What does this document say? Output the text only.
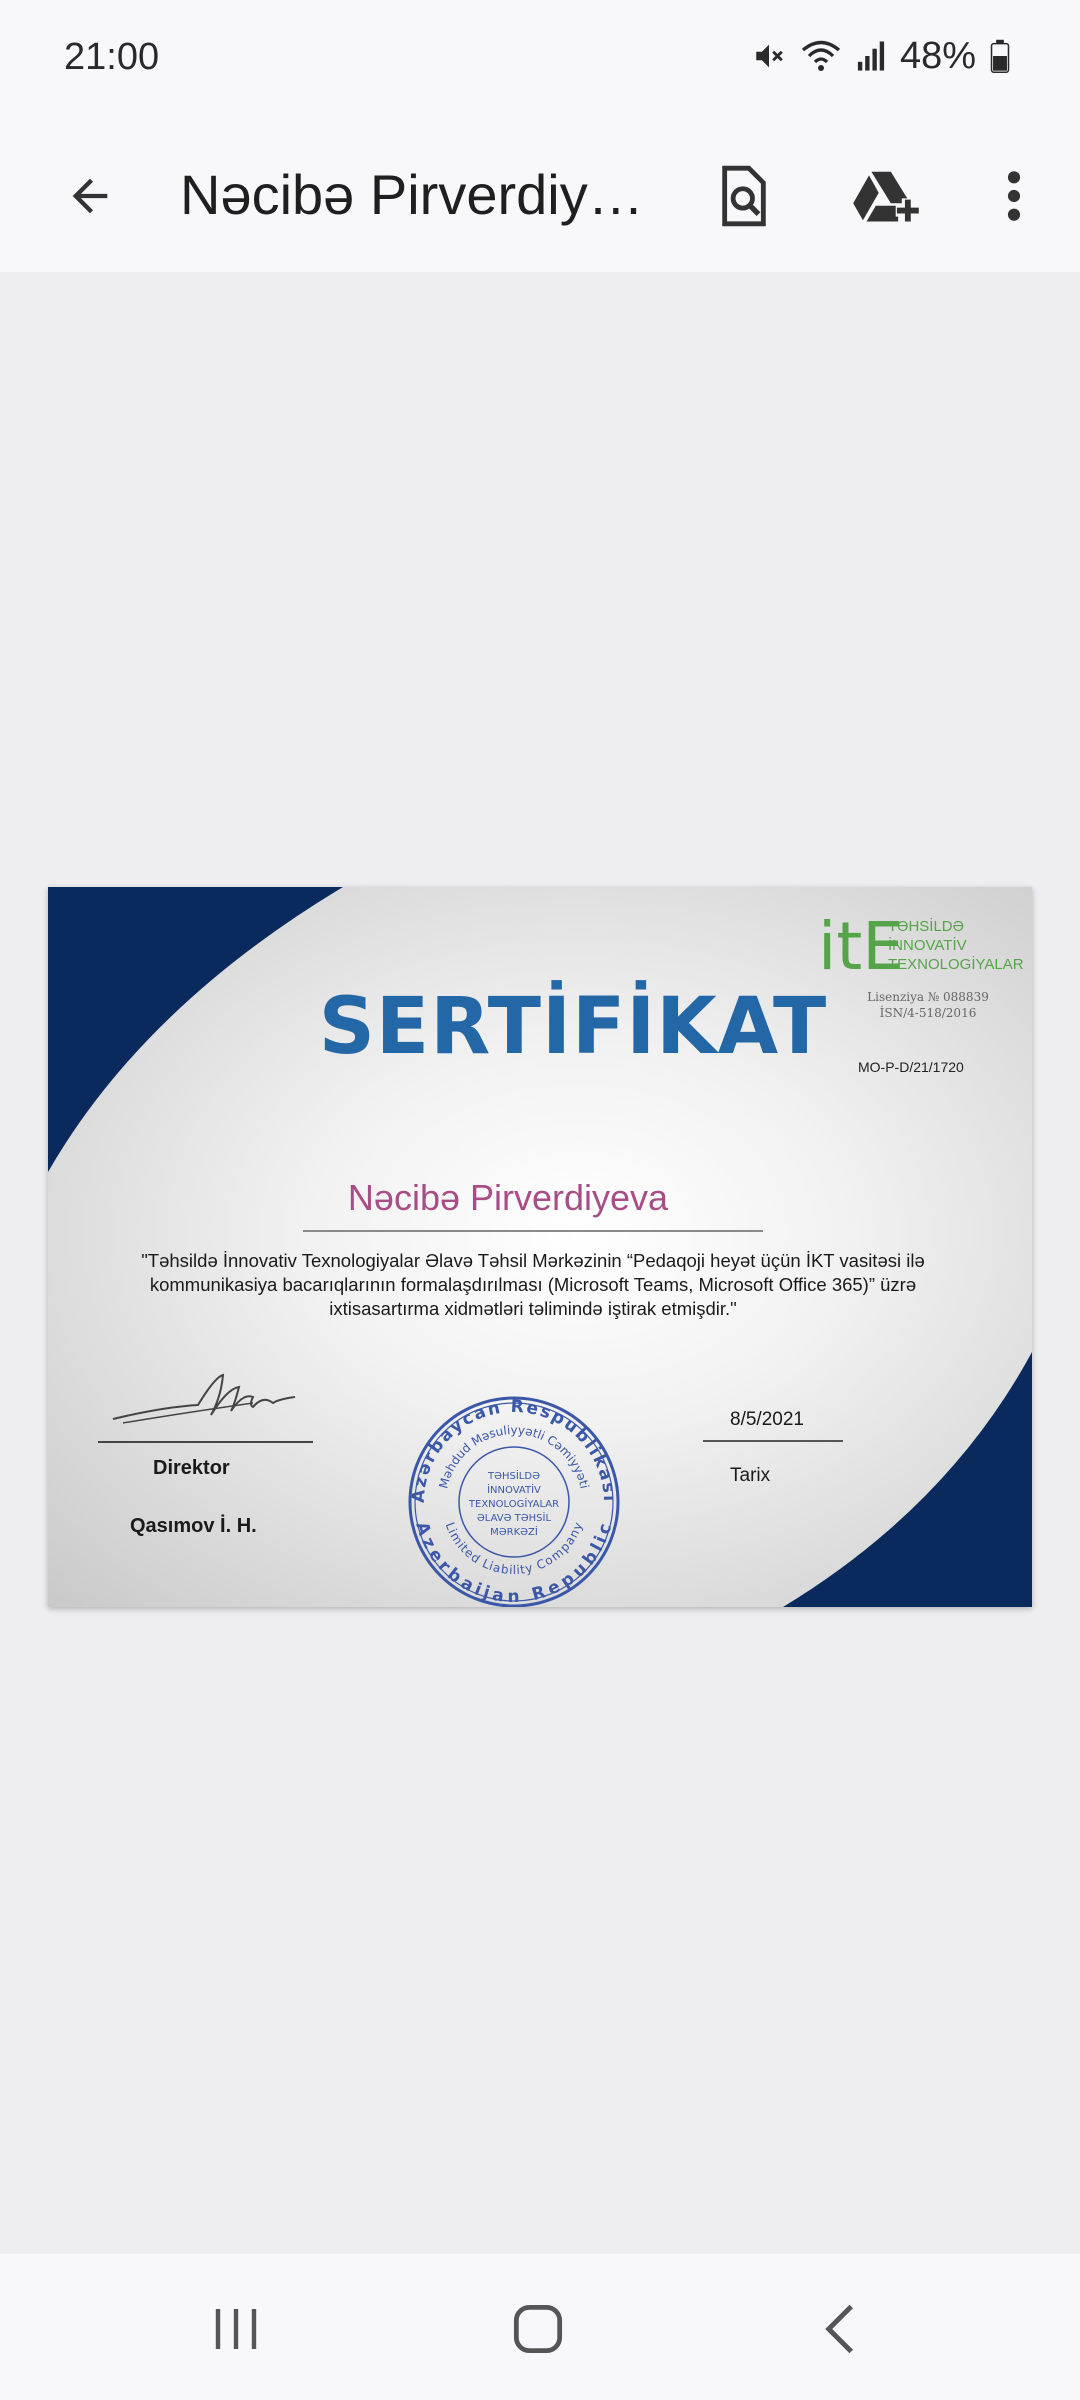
21:00	48%
Nəcibə Pirverdiy…
SERTİFİKAT
itE
TƏHSİLDƏ
İNNOVATİV
TEXNOLOGİYALAR
Lisenziya № 088839
İSN/4-518/2016
MO-P-D/21/1720
Nəcibə Pirverdiyeva
"Təhsildə İnnovativ Texnologiyalar Əlavə Təhsil Mərkəzinin “Pedaqoji heyət üçün İKT vasitəsi ilə kommunikasiya bacarıqlarının formalaşdırılması (Microsoft Teams, Microsoft Office 365)” üzrə ixtisasartırma xidmətləri təlimində iştirak etmişdir."
Direktor
Qasımov İ. H.
8/5/2021
Tarix
Azərbaycan Respublikası
Məhdud Məsuliyyətli Cəmiyyəti
Limited Liability Company
Azerbaijan Republic
TƏHSİLDƏ
İNNOVATİV
TEXNOLOGİYALAR
ƏLAVƏ TƏHSİL
MƏRKƏZİ
